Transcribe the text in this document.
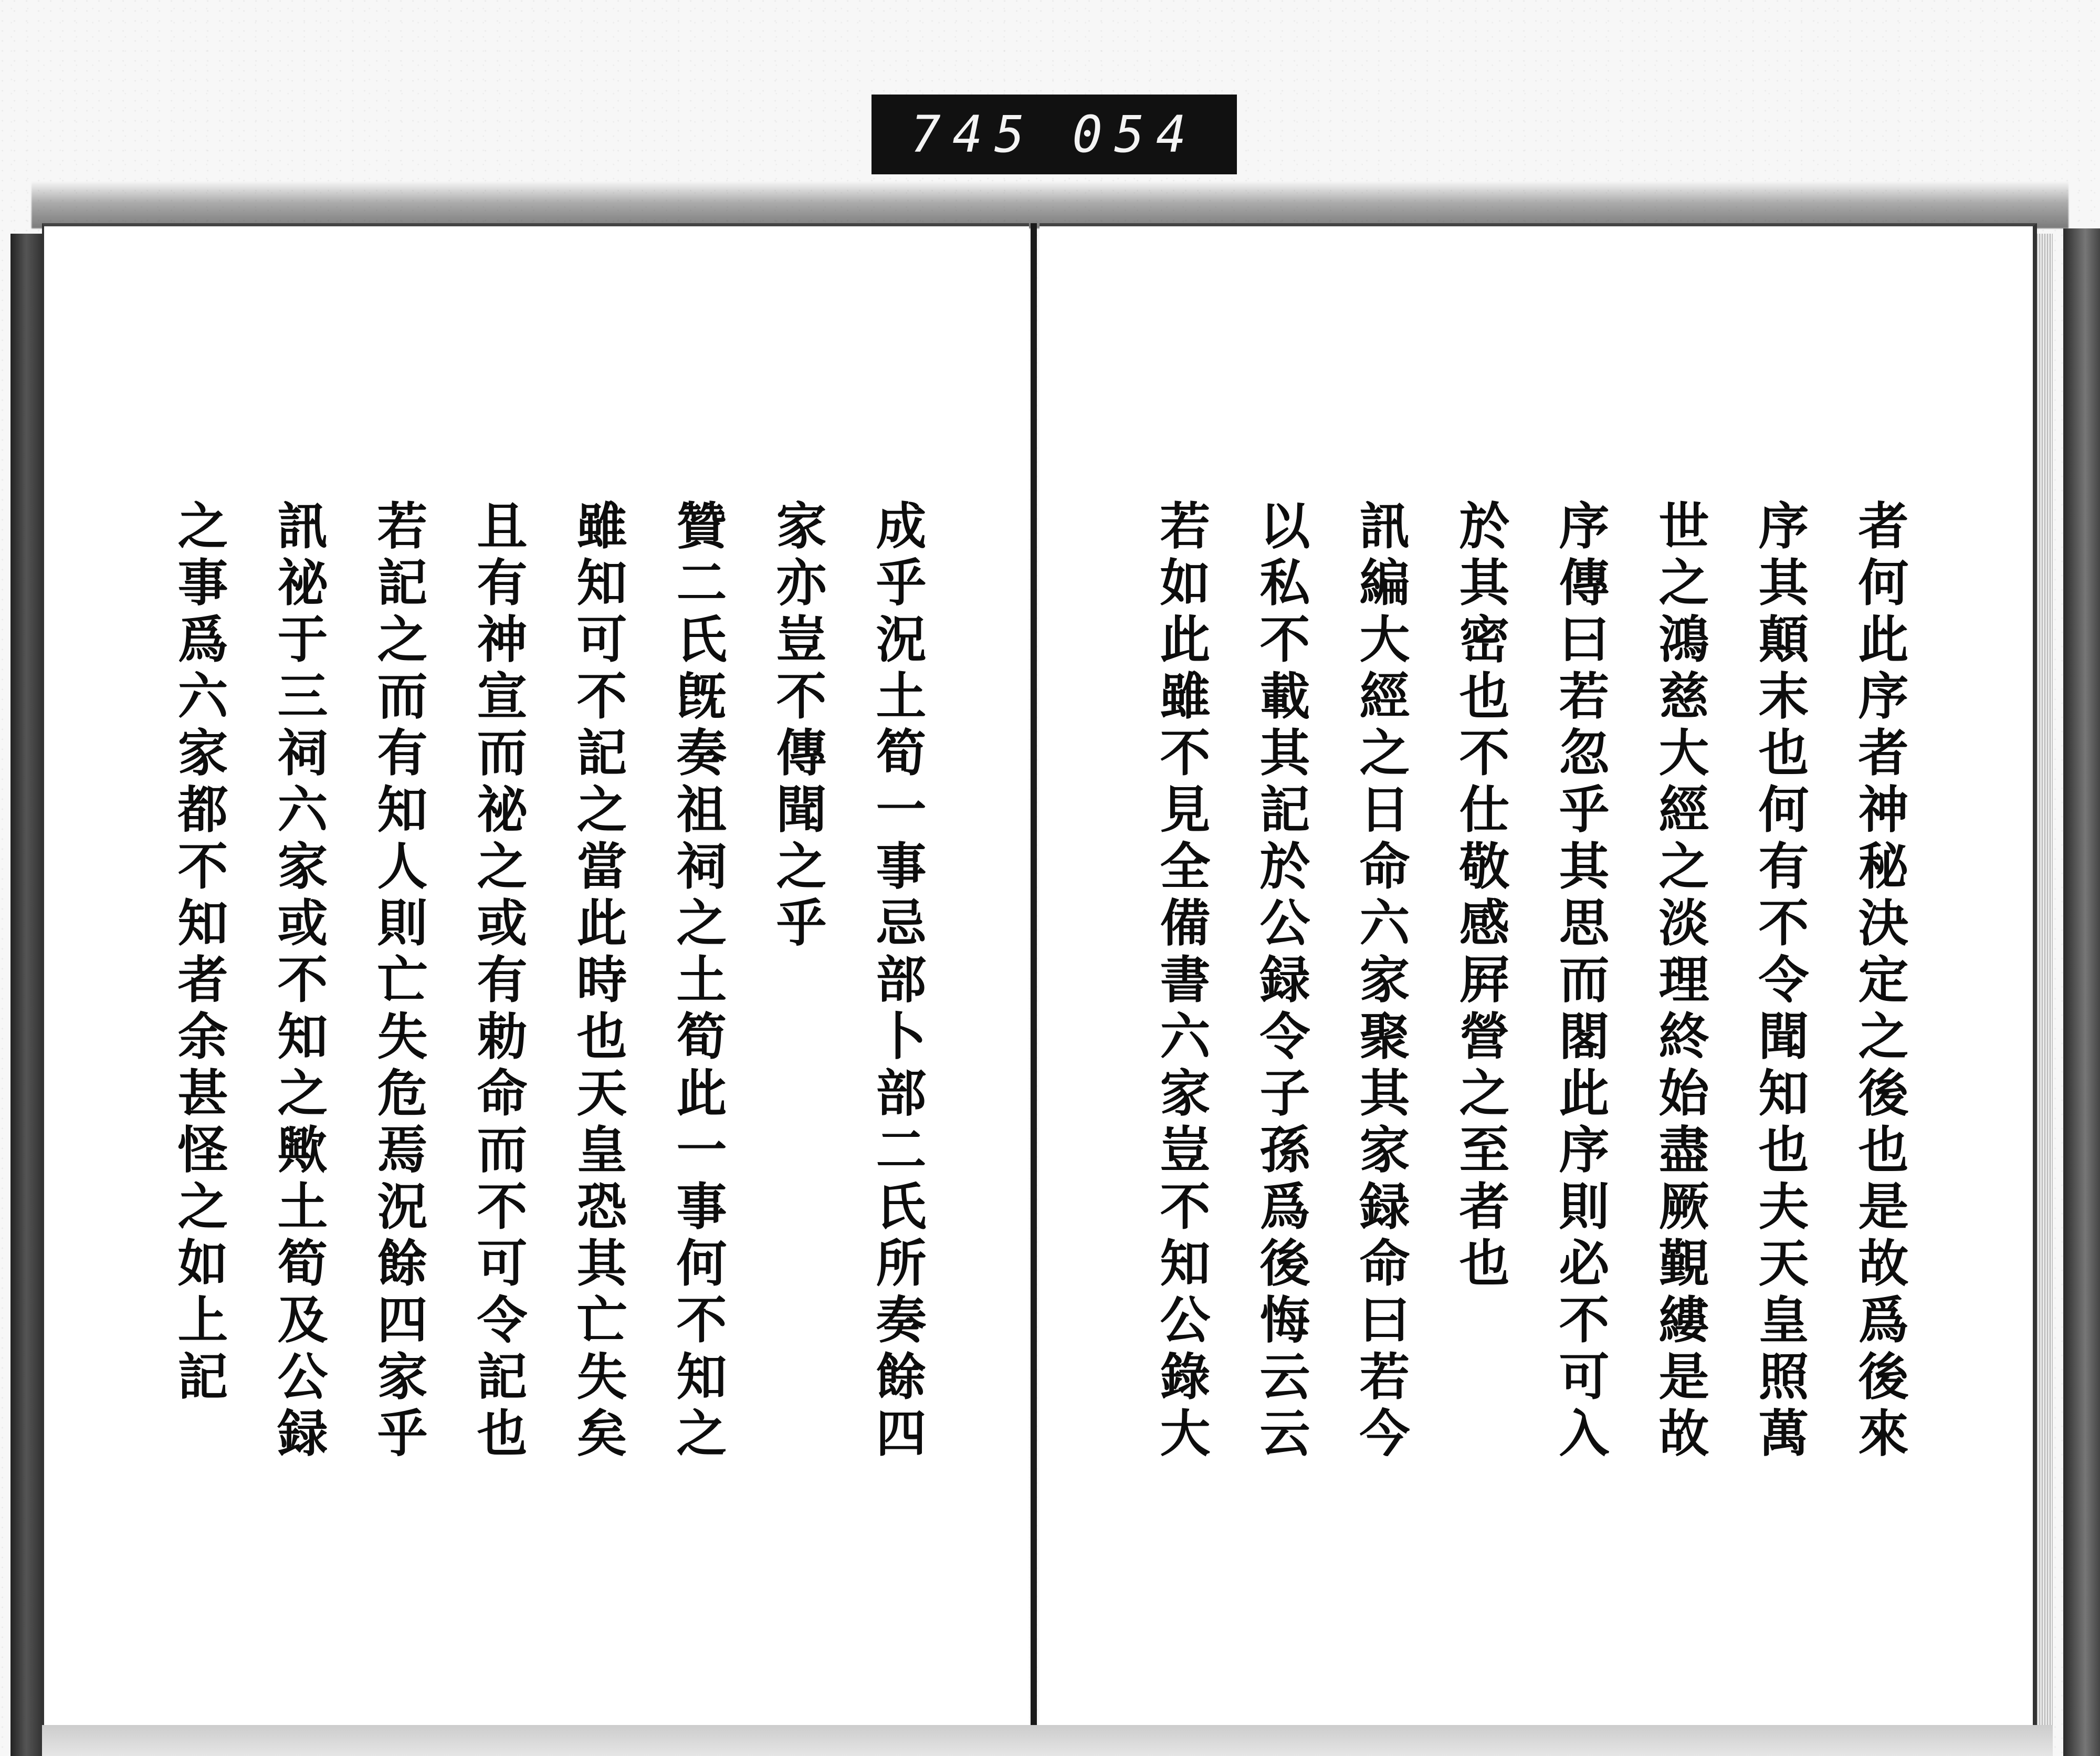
745 054

成乎況土筍一事忌部卜部二氏所奏餘四

家亦豈不傳聞之乎

贊二氏旣奏祖祠之土筍此一事何不知之

雖知可不記之當此時也天皇恐其亡失矣

且有神宣而祕之或有勅命而不可令記也

若記之而有知人則亡失危焉況餘四家乎

訊祕于三祠六家或不知之歟土筍及公録

之事爲六家都不知者余甚怪之如上記	者何此序者神秘決定之後也是故爲後來

序其顛末也何有不令聞知也夫天皇照萬

世之鴻慈大經之淡理終始盡厥覲縷是故

序傳曰若忽乎其思而閣此序則必不可入

於其密也不仕敬感屛營之至者也

訊編大經之日命六家聚其家録命曰若今

以私不載其記於公録令子孫爲後悔云云

若如此雖不見全備書六家豈不知公錄大
